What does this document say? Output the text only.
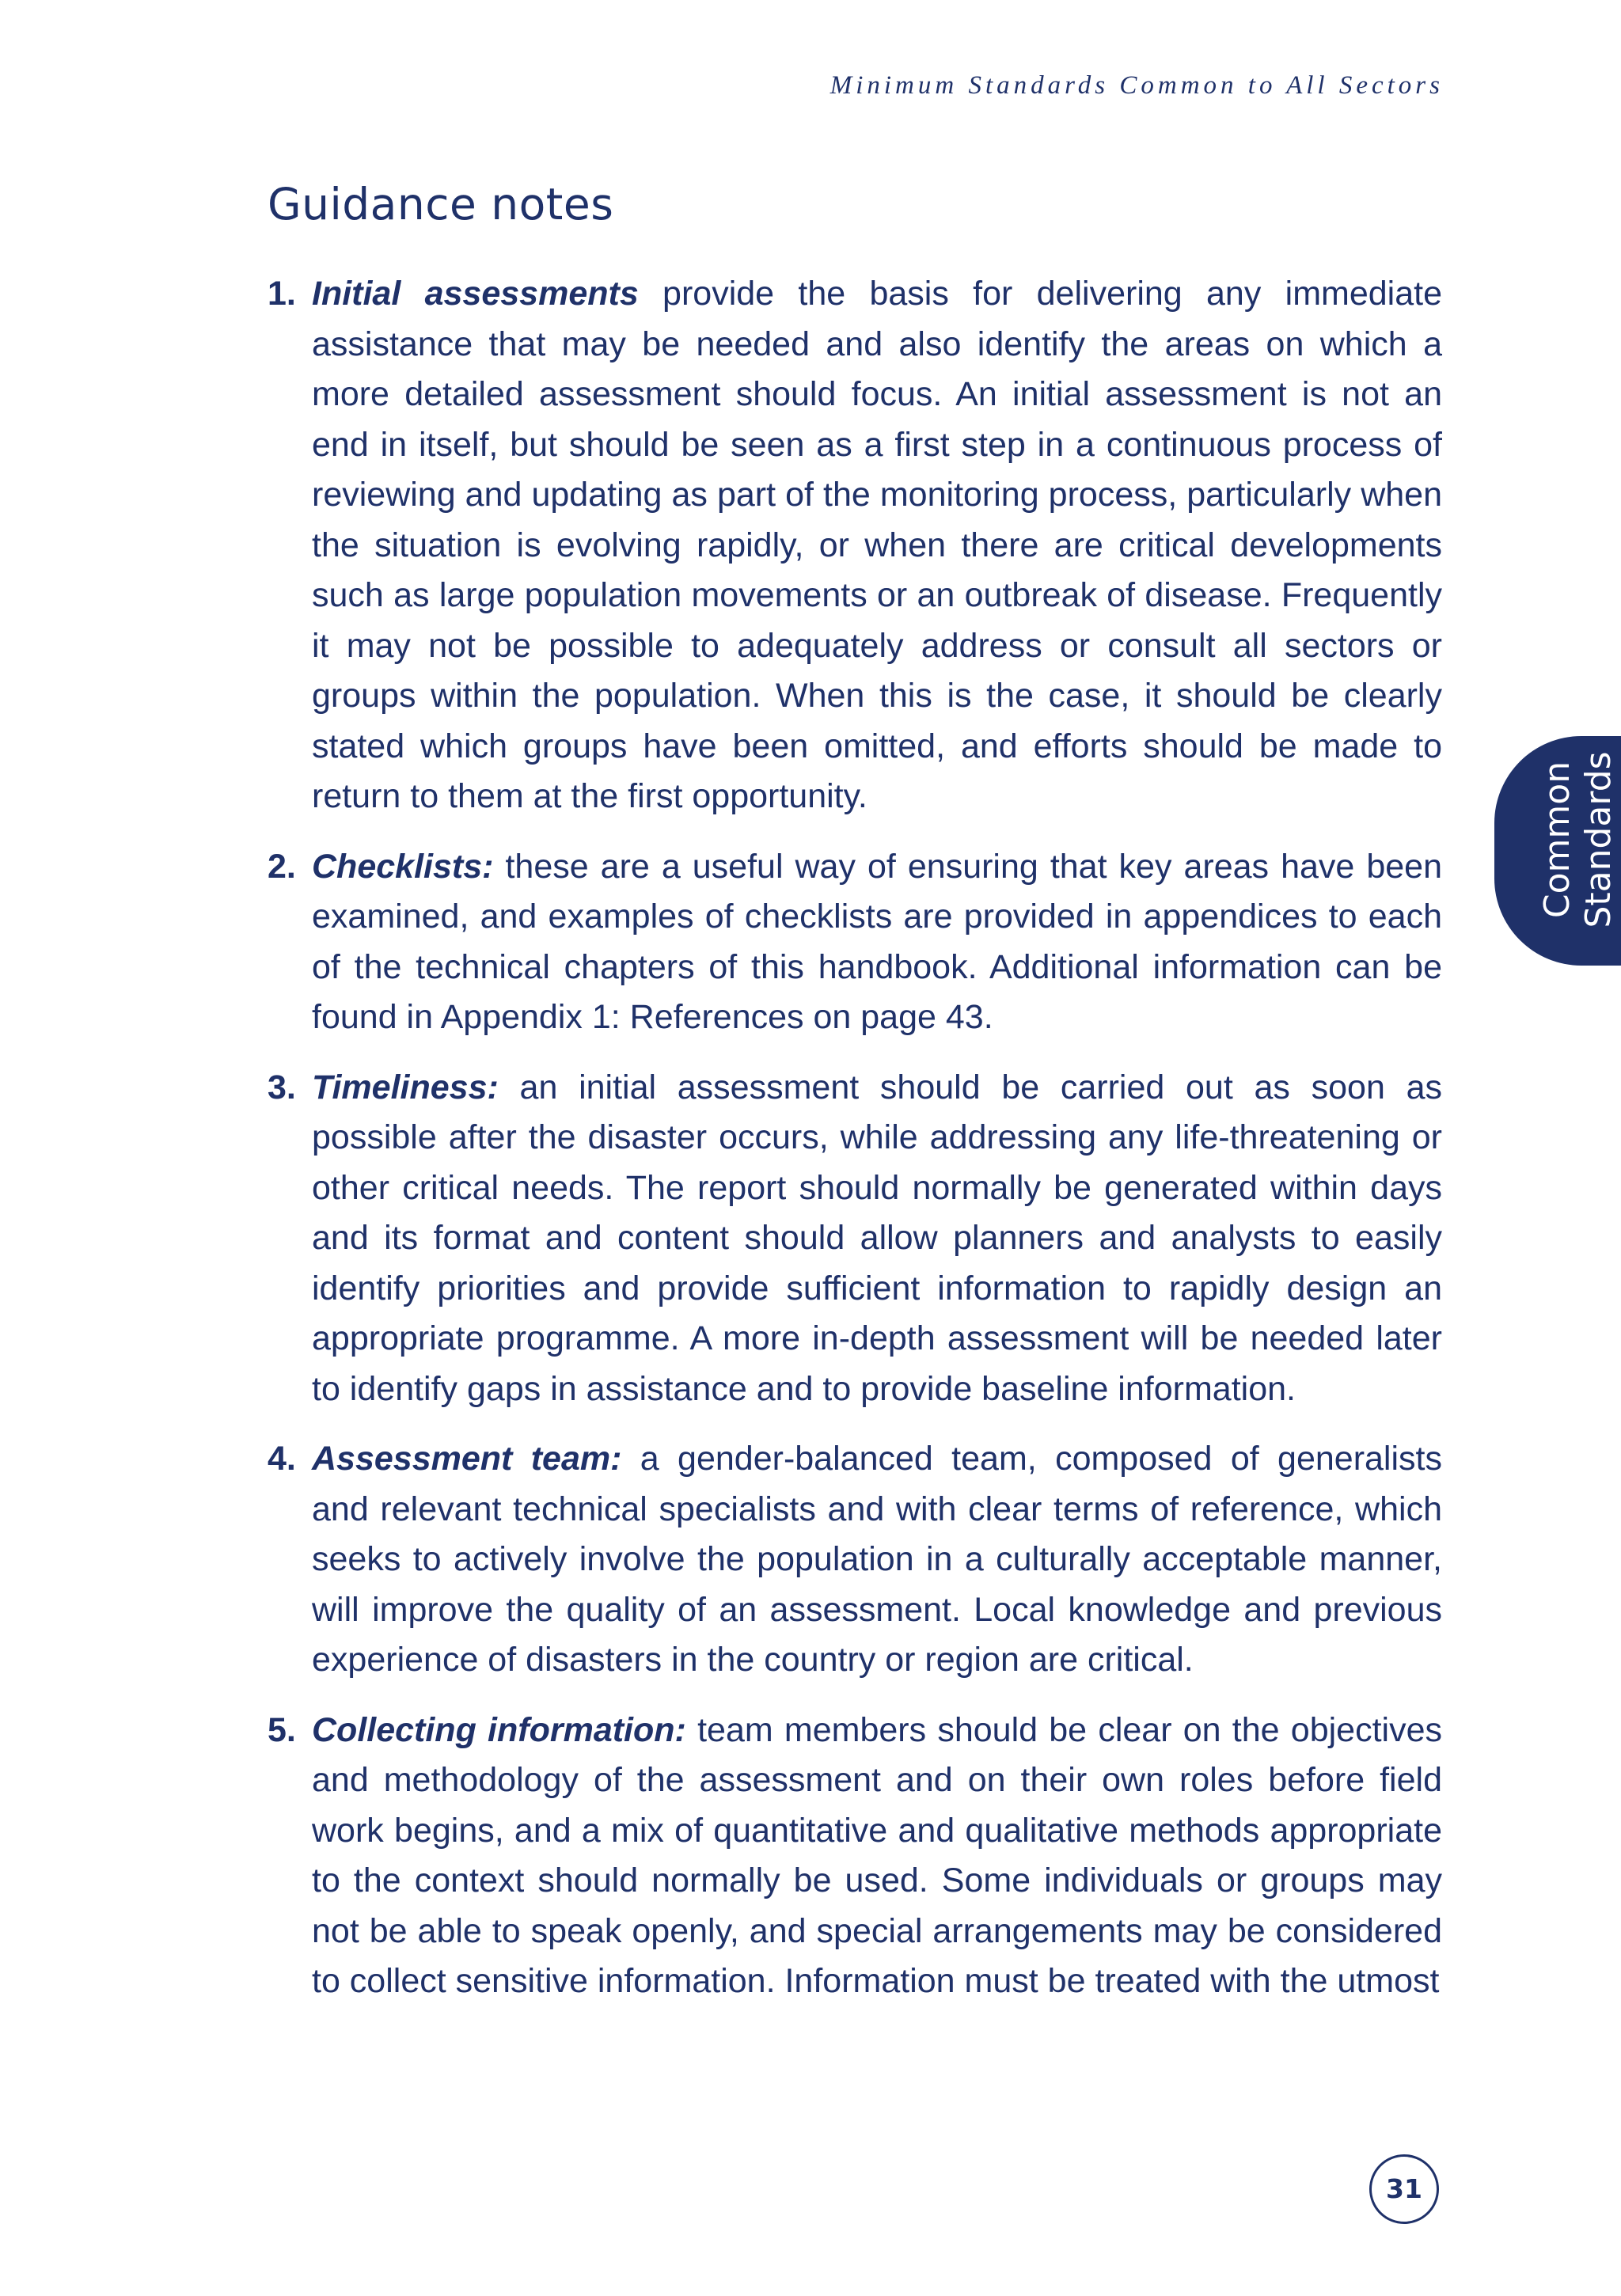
Minimum Standards Common to All Sectors
Guidance notes
1. Initial assessments provide the basis for delivering any immediate assistance that may be needed and also identify the areas on which a more detailed assessment should focus. An initial assessment is not an end in itself, but should be seen as a first step in a continuous process of reviewing and updating as part of the monitoring process, particularly when the situation is evolving rapidly, or when there are critical developments such as large population movements or an outbreak of disease. Frequently it may not be possible to adequately address or consult all sectors or groups within the population. When this is the case, it should be clearly stated which groups have been omitted, and efforts should be made to return to them at the first opportunity.
2. Checklists: these are a useful way of ensuring that key areas have been examined, and examples of checklists are provided in appendices to each of the technical chapters of this handbook. Additional information can be found in Appendix 1: References on page 43.
3. Timeliness: an initial assessment should be carried out as soon as possible after the disaster occurs, while addressing any life-threatening or other critical needs. The report should normally be generated within days and its format and content should allow planners and analysts to easily identify priorities and provide sufficient information to rapidly design an appropriate programme. A more in-depth assessment will be needed later to identify gaps in assistance and to provide baseline information.
4. Assessment team: a gender-balanced team, composed of generalists and relevant technical specialists and with clear terms of reference, which seeks to actively involve the population in a culturally acceptable manner, will improve the quality of an assessment. Local knowledge and previous experience of disasters in the country or region are critical.
5. Collecting information: team members should be clear on the objectives and methodology of the assessment and on their own roles before field work begins, and a mix of quantitative and qualitative methods appropriate to the context should normally be used. Some individuals or groups may not be able to speak openly, and special arrangements may be considered to collect sensitive information. Information must be treated with the utmost
Common Standards
31
